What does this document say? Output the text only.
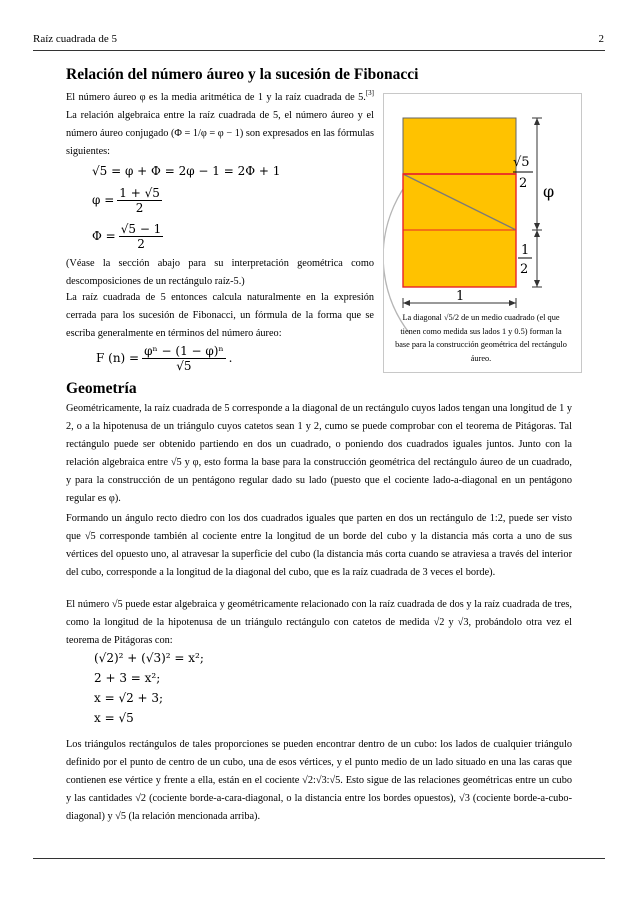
Raíz cuadrada de 5	2
Relación del número áureo y la sucesión de Fibonacci

El número áureo φ es la media aritmética de 1 y la raíz cuadrada de 5.[3] La relación algebraica entre la raíz cuadrada de 5, el número áureo y el número áureo conjugado (Φ = 1/φ = φ − 1) son expresados en las fórmulas siguientes:

√5 = φ + Φ = 2φ − 1 = 2Φ + 1
$\varphi = \frac{1 + √5}{2}$
$\Phi = \frac{√5 - 1}{2}$

(Véase la sección abajo para su interpretación geométrica como descomposiciones de un rectángulo raíz-5.)

La raíz cuadrada de 5 entonces calcula naturalmente en la expresión cerrada para los sucesión de Fibonacci, un fórmula de la forma que se escriba generalmente en términos del número áureo:

F $(n) = \frac{\text{φⁿ − (1 − φ)ⁿ}}{√5}$ .
√5
2 φ
1
2
1
La diagonal √5/2 de un medio cuadrado (el que tienen como medida sus lados 1 y 0.5) forman la base para la construcción geométrica del rectángulo áureo.
Geometría

Geométricamente, la raíz cuadrada de 5 corresponde a la diagonal de un rectángulo cuyos lados tengan una longitud de 1 y 2, o a la hipotenusa de un triángulo cuyos catetos sean 1 y 2, cumo se puede comprobar con el teorema de Pitágoras. Tal rectángulo puede ser obtenido partiendo en dos un cuadrado, o poniendo dos cuadrados iguales juntos. Junto con la relación algebraica entre √5 y φ, esto forma la base para la construcción geométrica del rectángulo áureo de un cuadrado, y para la construcción de un pentágono regular dado su lado (puesto que el cociente lado-a-diagonal en un pentágono regular es φ).

Formando un ángulo recto diedro con los dos cuadrados iguales que parten en dos un rectángulo de 1:2, puede ser visto que √5 corresponde también al cociente entre la longitud de un borde del cubo y la distancia más corta a uno de sus vértices del opuesto uno, al atravesar la superficie del cubo (la distancia más corta cuando se atraviesa a través del interior del cubo, corresponde a la longitud de la diagonal del cubo, que es la raíz cuadrada de 3 veces el borde).

El número √5 puede estar algebraica y geométricamente relacionado con la raíz cuadrada de dos y la raíz cuadrada de tres, como la longitud de la hipotenusa de un triángulo rectángulo con catetos de medida √2 y √3, probándolo otra vez el teorema de Pitágoras con:

(√2)² + (√3)² = x²;
2 + 3 = x²;
x = √2 + 3;
x = √5

Los triángulos rectángulos de tales proporciones se pueden encontrar dentro de un cubo: los lados de cualquier triángulo definido por el punto de centro de un cubo, una de esos vértices, y el punto medio de un lado situado en una las caras que contienen ese vértice y frente a ella, están en el cociente √2:√3:√5. Esto sigue de las relaciones geométricas entre un cubo y las cantidades √2 (cociente borde-a-cara-diagonal, o la distancia entre los bordes opuestos), √3 (cociente borde-a-cubo-diagonal) y √5 (la relación mencionada arriba).
